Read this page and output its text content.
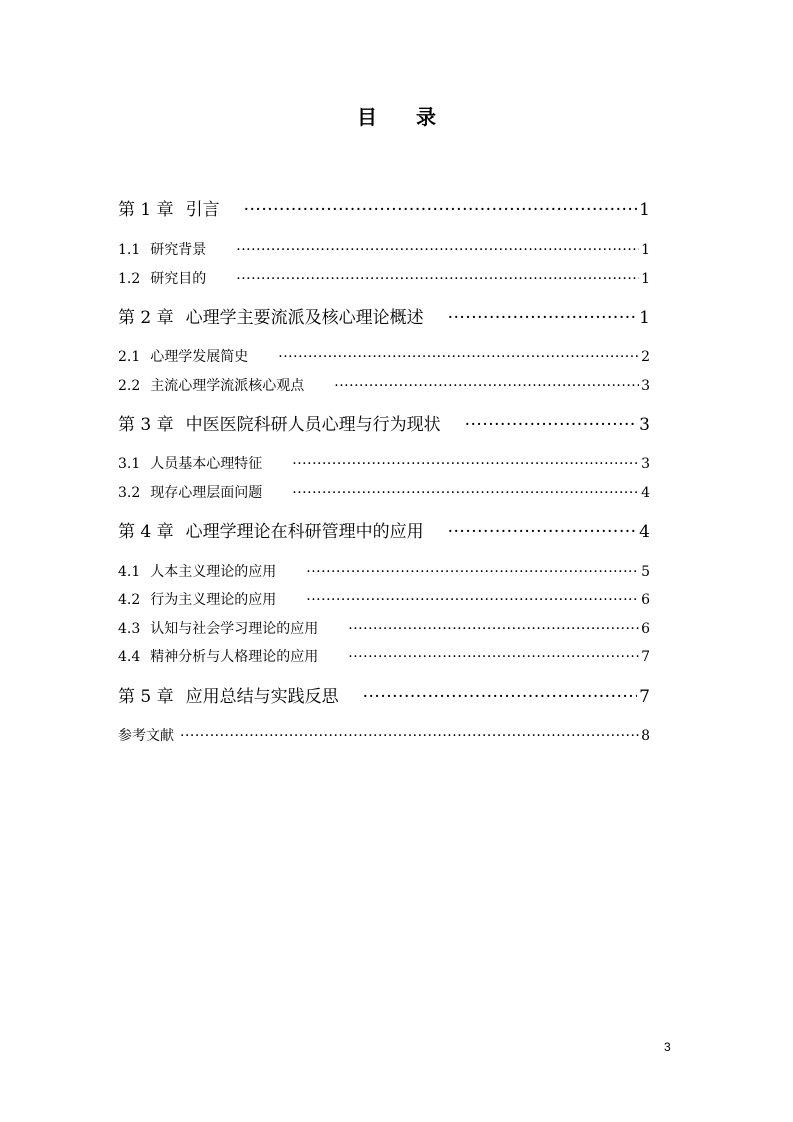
目 录
第 1 章 引言 ·····	1
1.1 研究背景 ·····	1
1.2 研究目的 ·····	1
第 2 章 心理学主要流派及核心理论概述 ·····	1
2.1 心理学发展简史 ·····	2
2.2 主流心理学流派核心观点 ·····	3
第 3 章 中医医院科研人员心理与行为现状 ·····	3
3.1 人员基本心理特征 ·····	3
3.2 现存心理层面问题 ·····	4
第 4 章 心理学理论在科研管理中的应用 ·····	4
4.1 人本主义理论的应用 ·····	5
4.2 行为主义理论的应用 ·····	6
4.3 认知与社会学习理论的应用 ·····	6
4.4 精神分析与人格理论的应用 ·····	7
第 5 章 应用总结与实践反思 ·····	7
参考文献 ·····	8
3
